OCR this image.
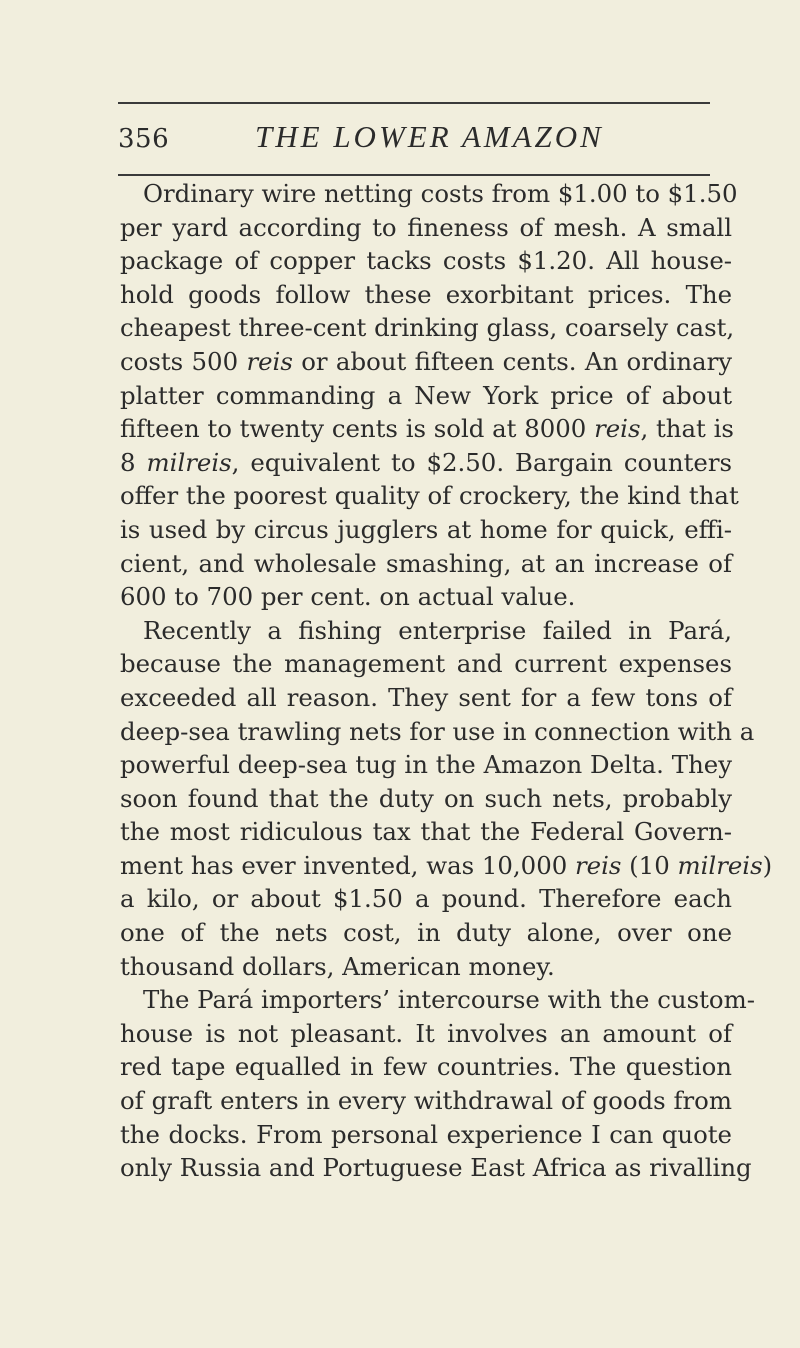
356	THE LOWER AMAZON
Ordinary wire netting costs from $1.00 to $1.50
per yard according to fineness of mesh. A small
package of copper tacks costs $1.20. All house-
hold goods follow these exorbitant prices. The
cheapest three-cent drinking glass, coarsely cast,
costs 500 reis or about fifteen cents. An ordinary
platter commanding a New York price of about
fifteen to twenty cents is sold at 8000 reis, that is
8 milreis, equivalent to $2.50. Bargain counters
offer the poorest quality of crockery, the kind that
is used by circus jugglers at home for quick, effi-
cient, and wholesale smashing, at an increase of
600 to 700 per cent. on actual value.
Recently a fishing enterprise failed in Pará,
because the management and current expenses
exceeded all reason. They sent for a few tons of
deep-sea trawling nets for use in connection with a
powerful deep-sea tug in the Amazon Delta. They
soon found that the duty on such nets, probably
the most ridiculous tax that the Federal Govern-
ment has ever invented, was 10,000 reis (10 milreis)
a kilo, or about $1.50 a pound. Therefore each
one of the nets cost, in duty alone, over one
thousand dollars, American money.
The Pará importers’ intercourse with the custom-
house is not pleasant. It involves an amount of
red tape equalled in few countries. The question
of graft enters in every withdrawal of goods from
the docks. From personal experience I can quote
only Russia and Portuguese East Africa as rivalling
